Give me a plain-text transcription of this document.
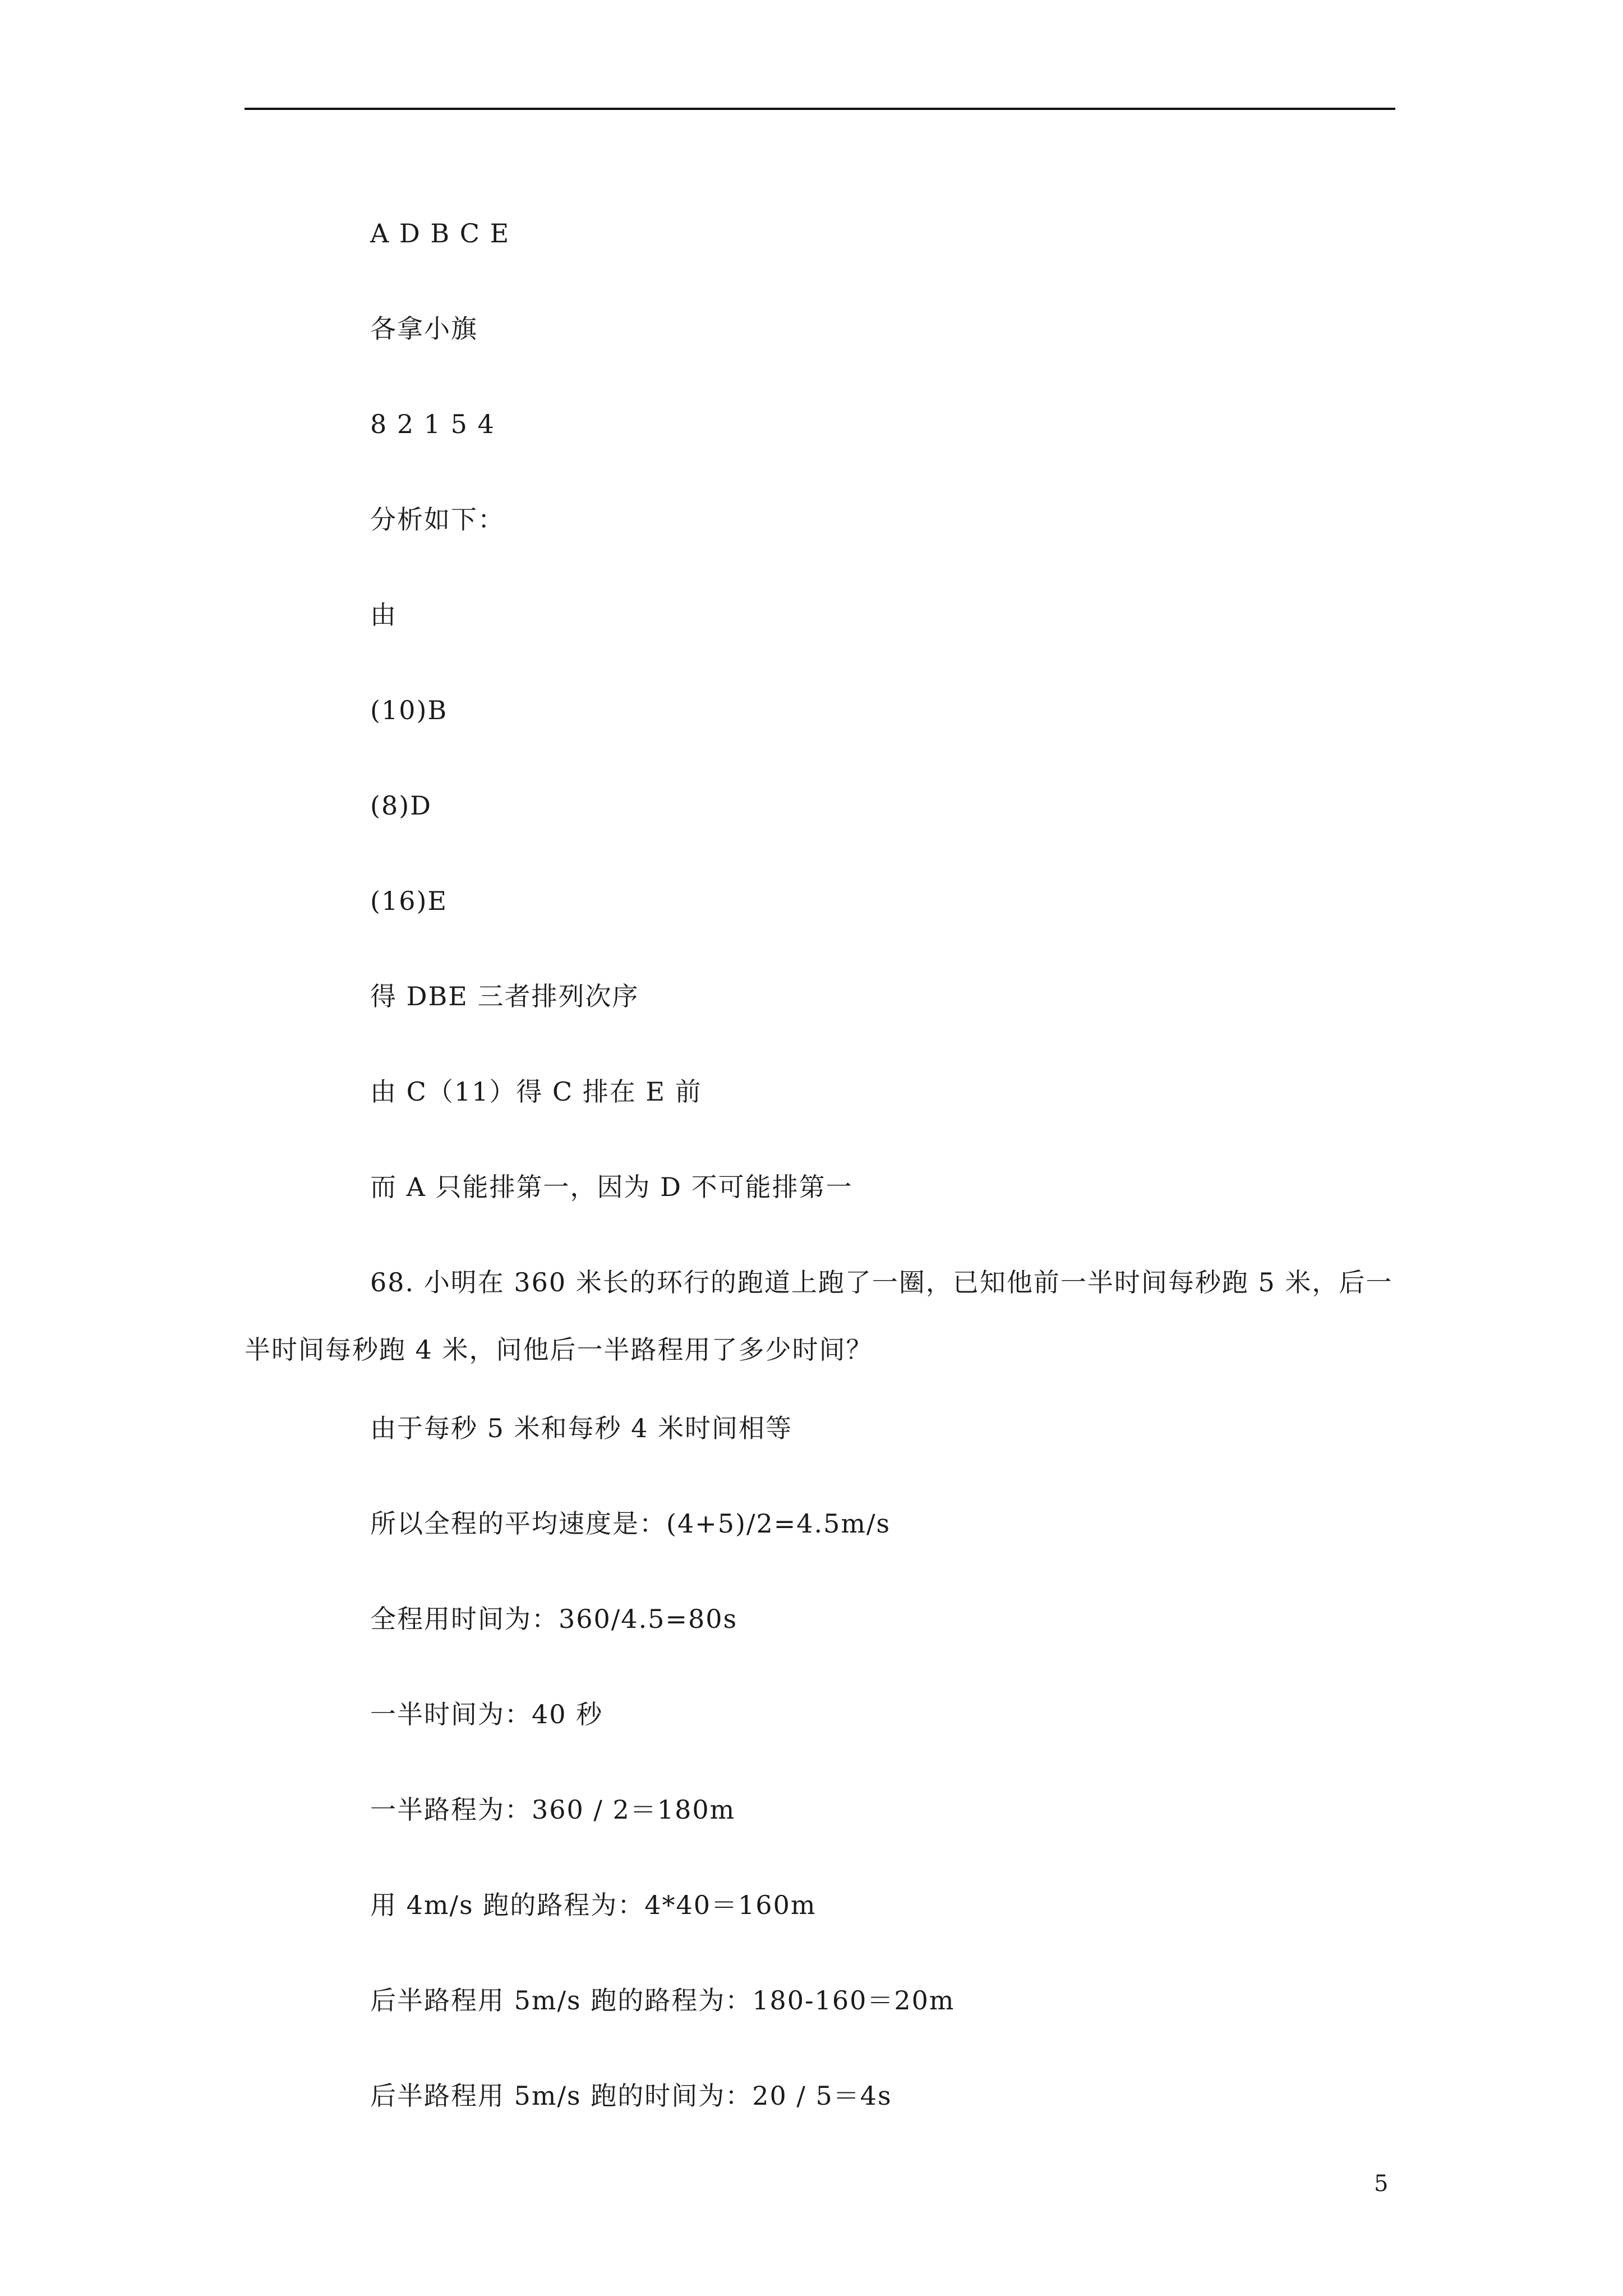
A D B C E
各拿小旗
8 2 1 5 4
分析如下：
由
(10)B
(8)D
(16)E
得 DBE 三者排列次序
由 C（11）得 C 排在 E 前
而 A 只能排第一，因为 D 不可能排第一
68. 小明在 360 米长的环行的跑道上跑了一圈，已知他前一半时间每秒跑 5 米，后一半时间每秒跑 4 米，问他后一半路程用了多少时间？
由于每秒 5 米和每秒 4 米时间相等
所以全程的平均速度是：(4+5)/2=4.5m/s
全程用时间为：360/4.5=80s
一半时间为：40 秒
一半路程为：360 / 2＝180m
用 4m/s 跑的路程为：4*40＝160m
后半路程用 5m/s 跑的路程为：180-160＝20m
后半路程用 5m/s 跑的时间为：20 / 5＝4s
5
